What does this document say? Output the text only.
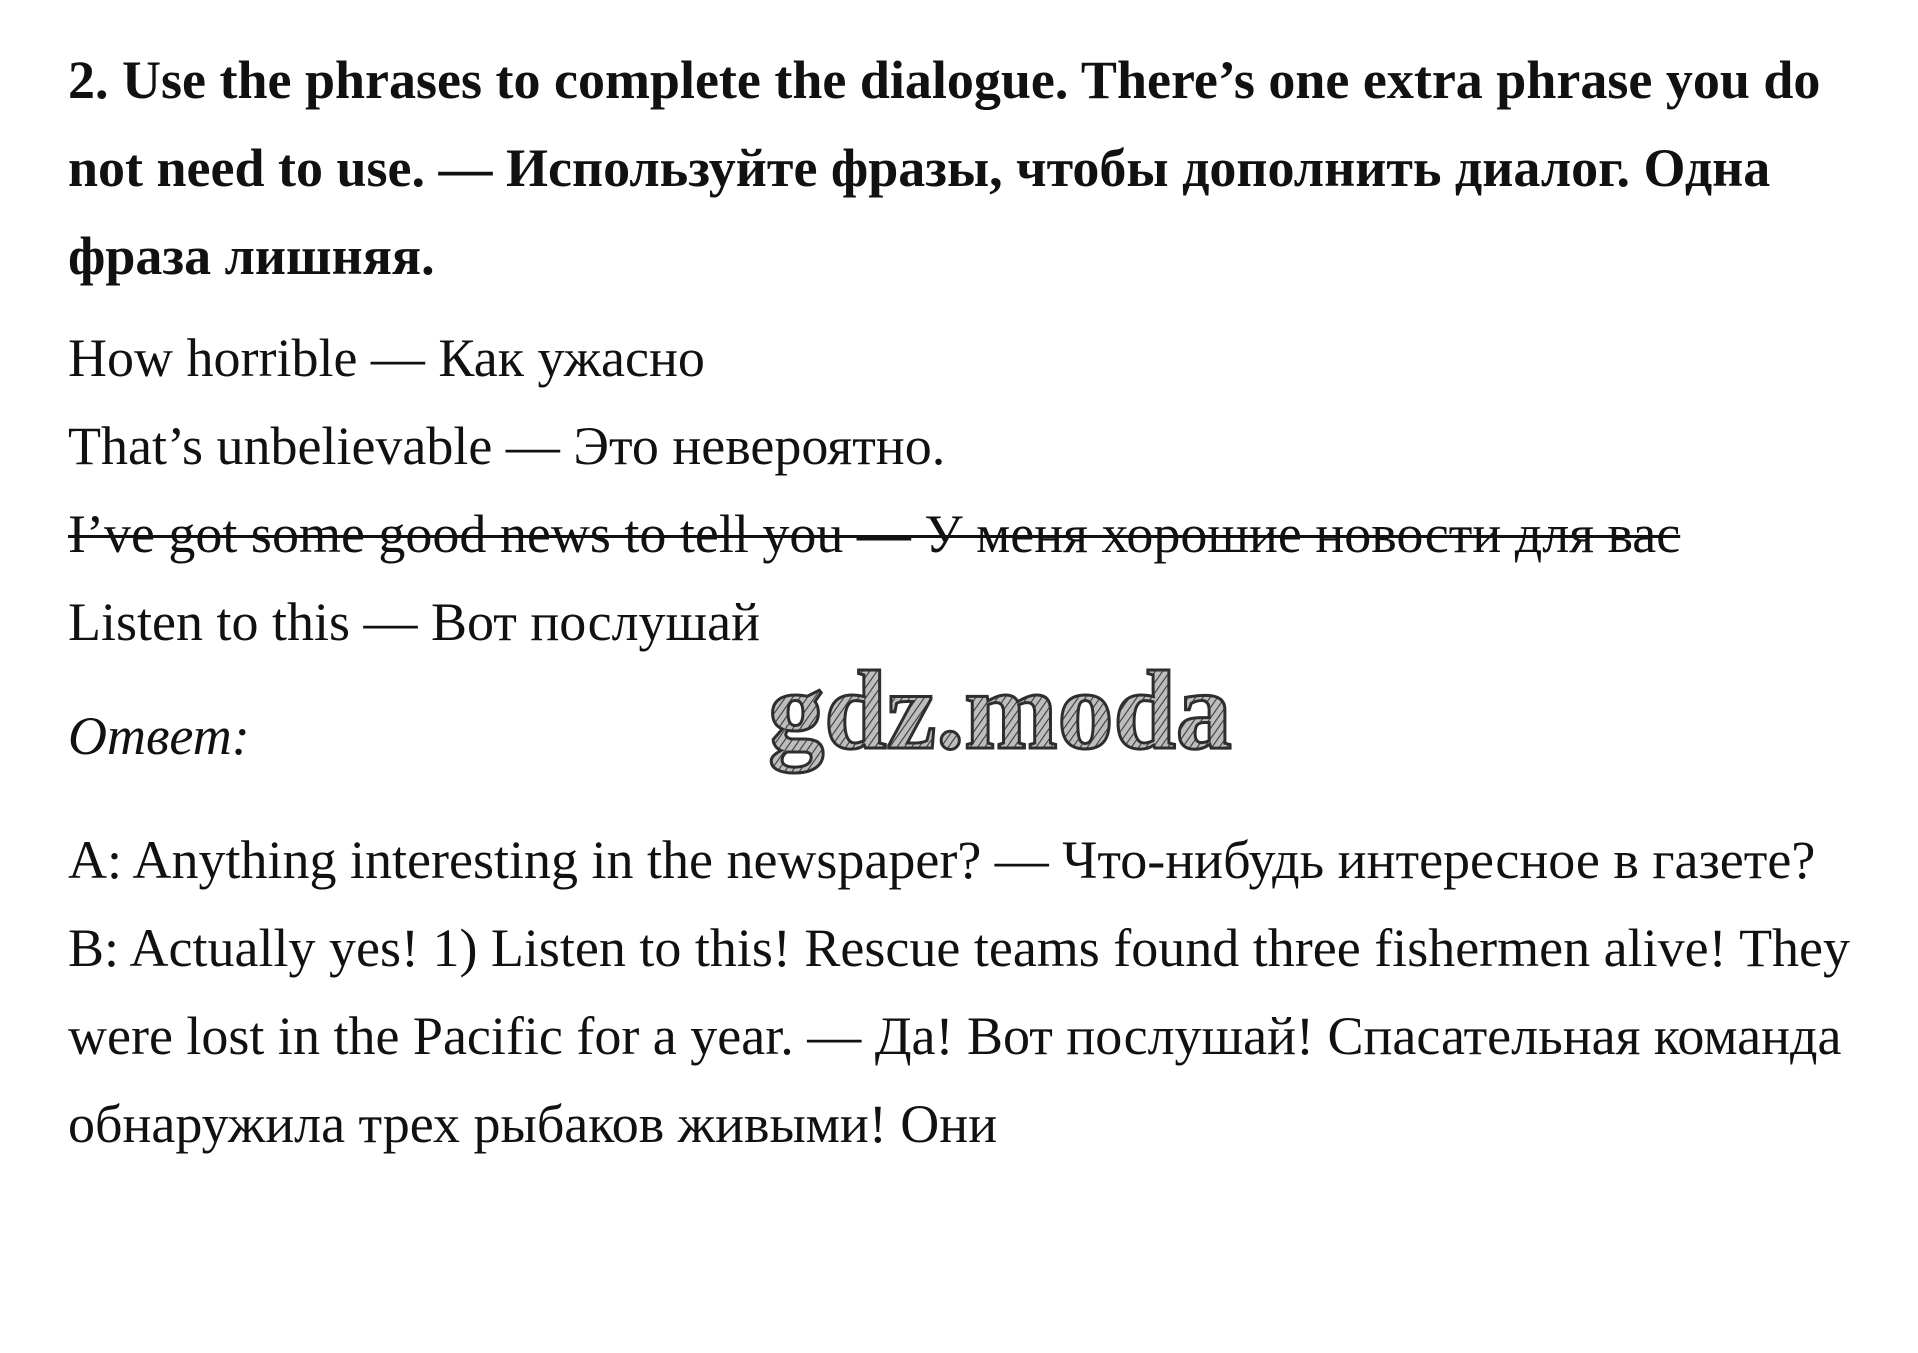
2. Use the phrases to complete the dialogue. There’s one extra phrase you do not need to use. — Используйте фразы, чтобы дополнить диалог. Одна фраза лишняя.
How horrible — Как ужасно
That’s unbelievable — Это невероятно.
I’ve got some good news to tell you — У меня хорошие новости для вас
Listen to this — Вот послушай
Ответ:
A: Anything interesting in the newspaper? — Что-нибудь интересное в газете?
B: Actually yes! 1) Listen to this! Rescue teams found three fishermen alive! They were lost in the Pacific for a year. — Да! Вот послушай! Спасательная команда обнаружила трех рыбаков живыми! Они
gdz.moda
